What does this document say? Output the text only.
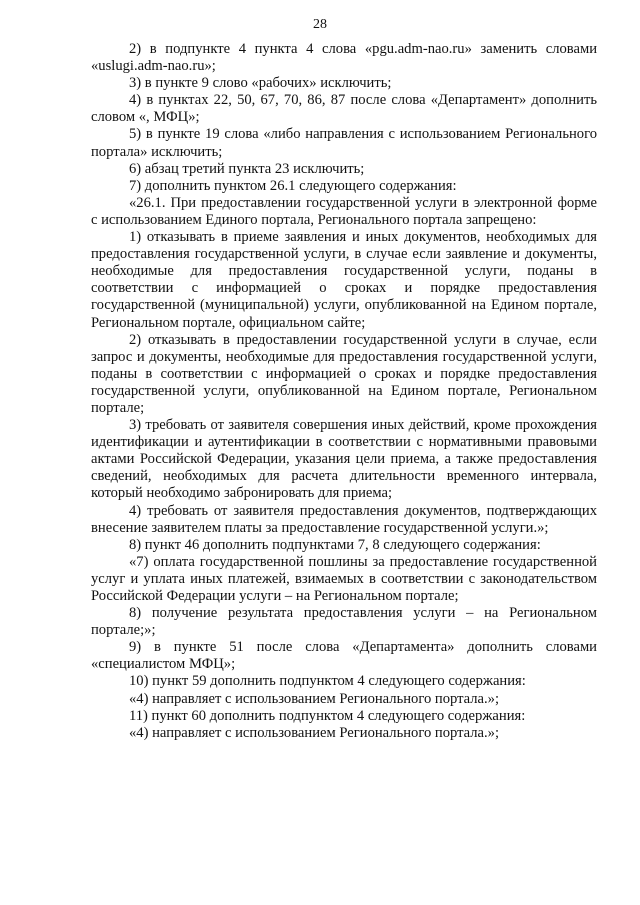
28

2) в подпункте 4 пункта 4 слова «pgu.adm-nao.ru» заменить словами «uslugi.adm-nao.ru»;

3) в пункте 9 слово «рабочих» исключить;

4) в пунктах 22, 50, 67, 70, 86, 87 после слова «Департамент» дополнить словом «, МФЦ»;

5) в пункте 19 слова «либо направления с использованием Регионального портала» исключить;

6) абзац третий пункта 23 исключить;

7) дополнить пунктом 26.1 следующего содержания:

«26.1. При предоставлении государственной услуги в электронной форме с использованием Единого портала, Регионального портала запрещено:

1) отказывать в приеме заявления и иных документов, необходимых для предоставления государственной услуги, в случае если заявление и документы, необходимые для предоставления государственной услуги, поданы в соответствии с информацией о сроках и порядке предоставления государственной (муниципальной) услуги, опубликованной на Едином портале, Региональном портале, официальном сайте;

2) отказывать в предоставлении государственной услуги в случае, если запрос и документы, необходимые для предоставления государственной услуги, поданы в соответствии с информацией о сроках и порядке предоставления государственной услуги, опубликованной на Едином портале, Региональном портале;

3) требовать от заявителя совершения иных действий, кроме прохождения идентификации и аутентификации в соответствии с нормативными правовыми актами Российской Федерации, указания цели приема, а также предоставления сведений, необходимых для расчета длительности временного интервала, который необходимо забронировать для приема;

4) требовать от заявителя предоставления документов, подтверждающих внесение заявителем платы за предоставление государственной услуги.»;

8) пункт 46 дополнить подпунктами 7, 8 следующего содержания:

«7) оплата государственной пошлины за предоставление государственной услуг и уплата иных платежей, взимаемых в соответствии с законодательством Российской Федерации услуги – на Региональном портале;

8) получение результата предоставления услуги – на Региональном портале;»;

9) в пункте 51 после слова «Департамента» дополнить словами «специалистом МФЦ»;

10) пункт 59 дополнить подпунктом 4 следующего содержания:

«4) направляет с использованием Регионального портала.»;

11) пункт 60 дополнить подпунктом 4 следующего содержания:

«4) направляет с использованием Регионального портала.»;
